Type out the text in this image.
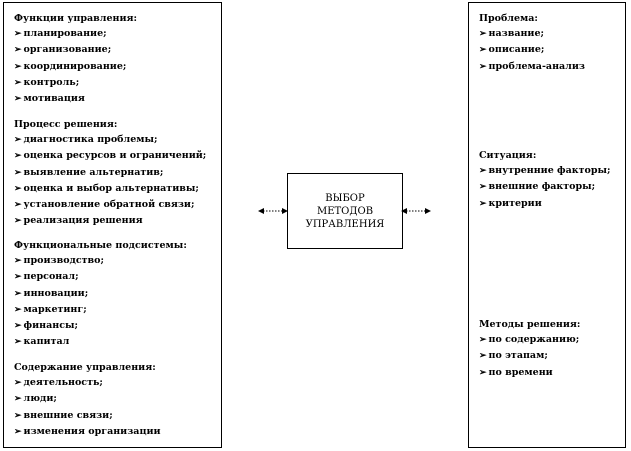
Функции управления:
➢ планирование;
➢ организование;
➢ координирование;
➢ контроль;
➢ мотивация
Процесс решения:
➢ диагностика проблемы;
➢ оценка ресурсов и ограничений;
➢ выявление альтернатив;
➢ оценка и выбор альтернативы;
➢ установление обратной связи;
➢ реализация решения
Функциональные подсистемы:
➢ производство;
➢ персонал;
➢ инновации;
➢ маркетинг;
➢ финансы;
➢ капитал
Содержание управления:
➢ деятельность;
➢ люди;
➢ внешние связи;
➢ изменения организации
Проблема:
➢ название;
➢ описание;
➢ проблема-анализ
Ситуация:
➢ внутренние факторы;
➢ внешние факторы;
➢ критерии
Методы решения:
➢ по содержанию;
➢ по этапам;
➢ по времени
ВЫБОР
МЕТОДОВ
УПРАВЛЕНИЯ
